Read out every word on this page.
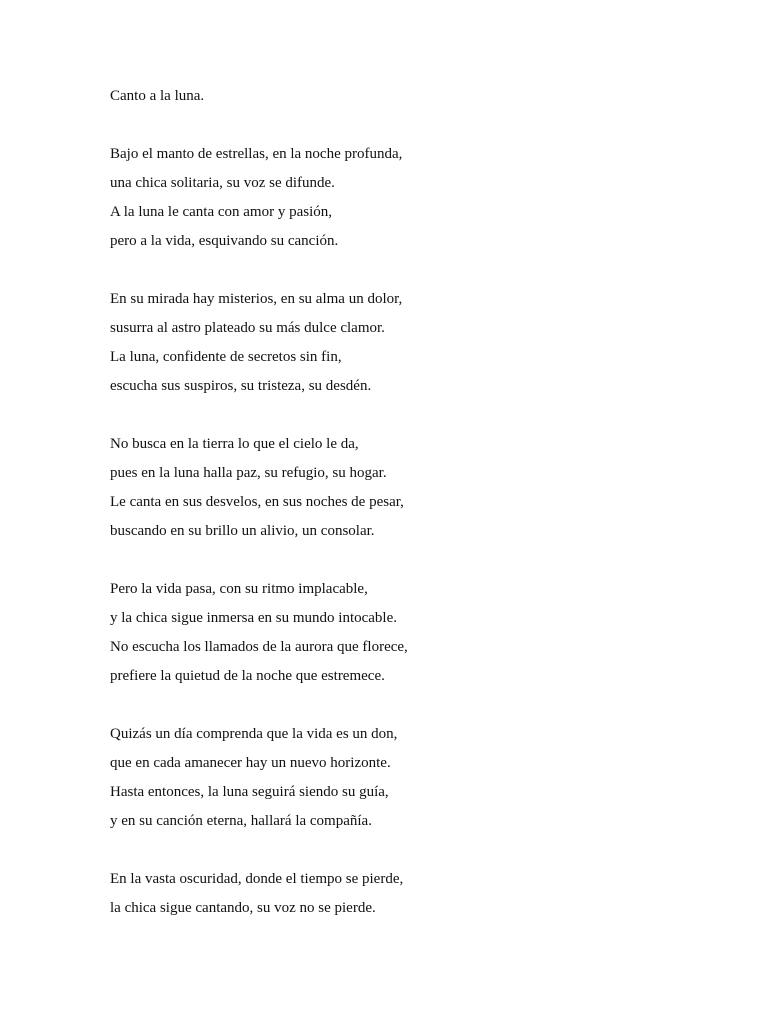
Canto a la luna.
Bajo el manto de estrellas, en la noche profunda,
una chica solitaria, su voz se difunde.
A la luna le canta con amor y pasión,
pero a la vida, esquivando su canción.
En su mirada hay misterios, en su alma un dolor,
susurra al astro plateado su más dulce clamor.
La luna, confidente de secretos sin fin,
escucha sus suspiros, su tristeza, su desdén.
No busca en la tierra lo que el cielo le da,
pues en la luna halla paz, su refugio, su hogar.
Le canta en sus desvelos, en sus noches de pesar,
buscando en su brillo un alivio, un consolar.
Pero la vida pasa, con su ritmo implacable,
y la chica sigue inmersa en su mundo intocable.
No escucha los llamados de la aurora que florece,
prefiere la quietud de la noche que estremece.
Quizás un día comprenda que la vida es un don,
que en cada amanecer hay un nuevo horizonte.
Hasta entonces, la luna seguirá siendo su guía,
y en su canción eterna, hallará la compañía.
En la vasta oscuridad, donde el tiempo se pierde,
la chica sigue cantando, su voz no se pierde.
